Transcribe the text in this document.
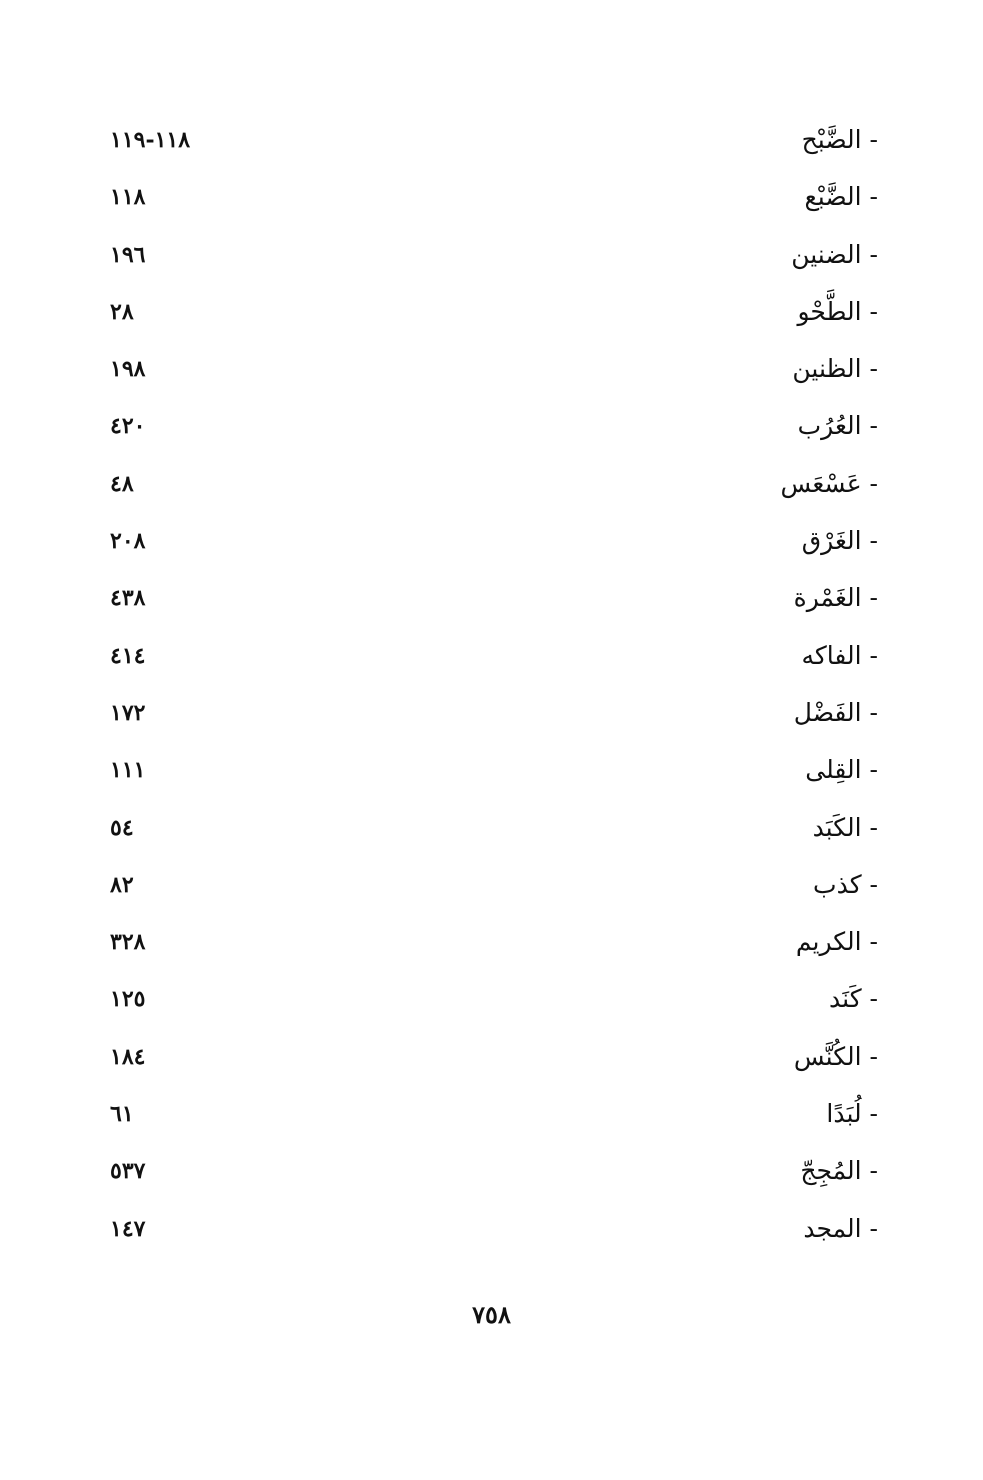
- الضَّبْح
١١٨-١١٩
- الضَّبْع
١١٨
- الضنين
١٩٦
- الطَّحْو
٢٨
- الظنين
١٩٨
- العُرُب
٤٢٠
- عَسْعَس
٤٨
- الغَرْق
٢٠٨
- الغَمْرة
٤٣٨
- الفاكه
٤١٤
- الفَضْل
١٧٢
- القِلى
١١١
- الكَبَد
٥٤
- كذب
٨٢
- الكريم
٣٢٨
- كَنَد
١٢٥
- الكُنَّس
١٨٤
- لُبَدًا
٦١
- المُجِجّ
٥٣٧
- المجد
١٤٧
٧٥٨
